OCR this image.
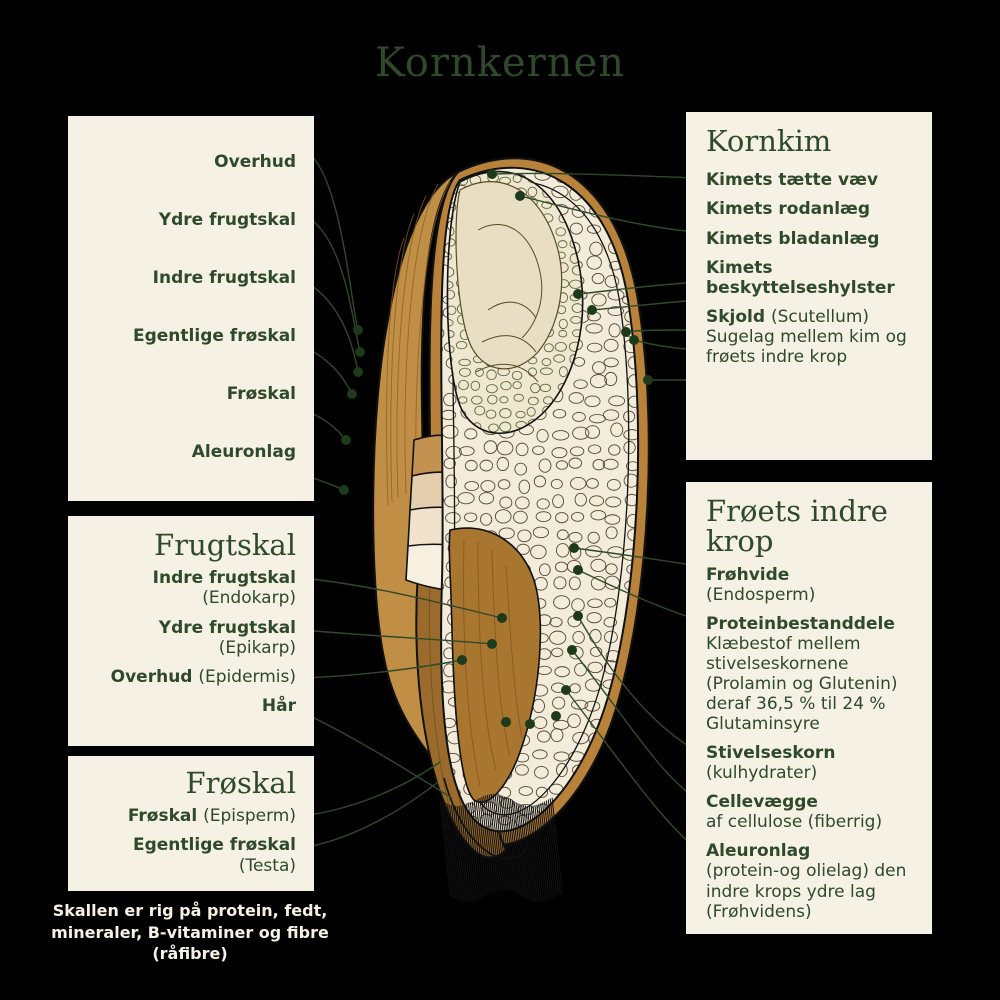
Kornkernen
Overhud
Ydre frugtskal
Indre frugtskal
Egentlige frøskal
Frøskal
Aleuronlag
Frugtskal
Indre frugtskal
(Endokarp)
Ydre frugtskal
(Epikarp)
Overhud (Epidermis)
Hår
Frøskal
Frøskal (Episperm)
Egentlige frøskal
(Testa)
Kornkim
Kimets tætte væv
Kimets rodanlæg
Kimets bladanlæg
Kimets beskyttelseshylster
Skjold (Scutellum)
Sugelag mellem kim og frøets indre krop
Frøets indre krop
Frøhvide
(Endosperm)
Proteinbestanddele
Klæbestof mellem stivelseskornene (Prolamin og Glutenin) deraf 36,5 % til 24 % Glutaminsyre
Stivelseskorn
(kulhydrater)
Cellevægge
af cellulose (fiberrig)
Aleuronlag
(protein-og olielag) den indre krops ydre lag (Frøhvidens)
Skallen er rig på protein, fedt, mineraler, B-vitaminer og fibre (råfibre)
